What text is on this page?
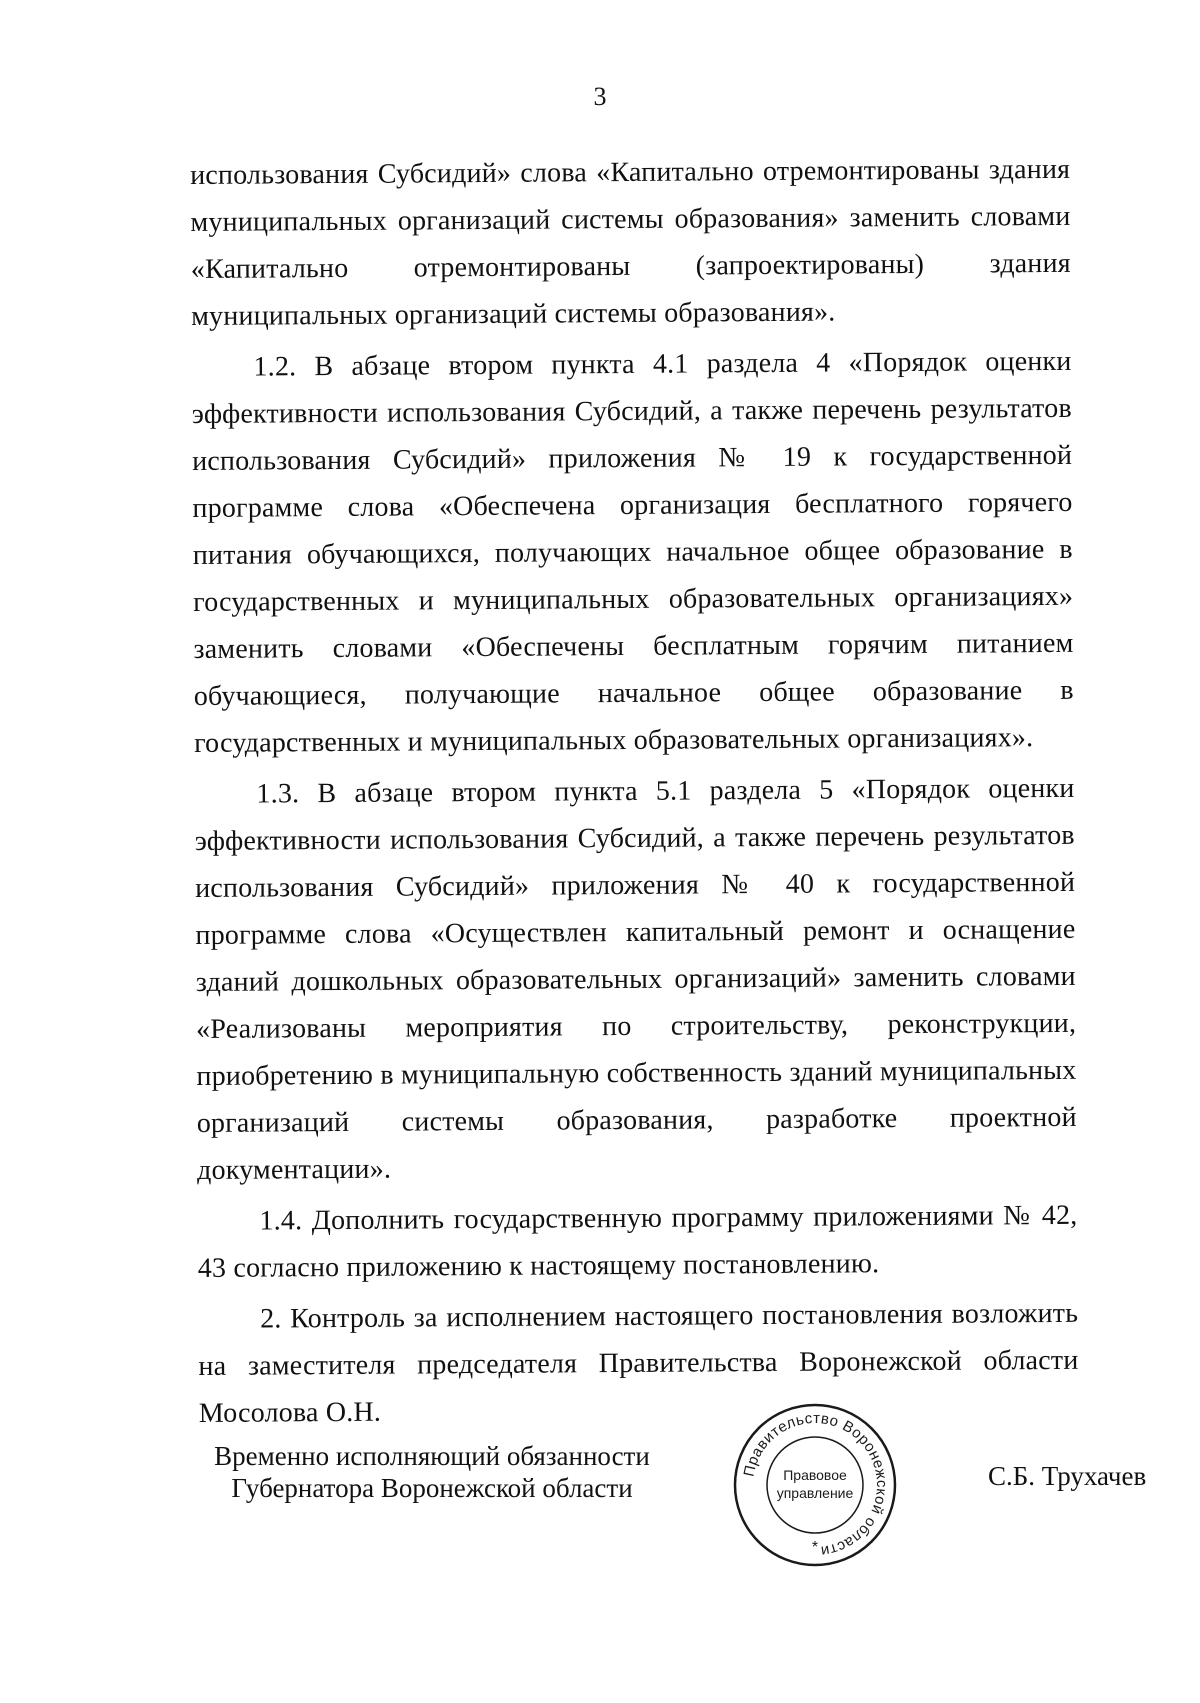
3

использования Субсидий» слова «Капитально отремонтированы здания муниципальных организаций системы образования» заменить словами «Капитально отремонтированы (запроектированы) здания муниципальных организаций системы образования».

1.2. В абзаце втором пункта 4.1 раздела 4 «Порядок оценки эффективности использования Субсидий, а также перечень результатов использования Субсидий» приложения № 19 к государственной программе слова «Обеспечена организация бесплатного горячего питания обучающихся, получающих начальное общее образование в государственных и муниципальных образовательных организациях» заменить словами «Обеспечены бесплатным горячим питанием обучающиеся, получающие начальное общее образование в государственных и муниципальных образовательных организациях».

1.3. В абзаце втором пункта 5.1 раздела 5 «Порядок оценки эффективности использования Субсидий, а также перечень результатов использования Субсидий» приложения № 40 к государственной программе слова «Осуществлен капитальный ремонт и оснащение зданий дошкольных образовательных организаций» заменить словами «Реализованы мероприятия по строительству, реконструкции, приобретению в муниципальную собственность зданий муниципальных организаций системы образования, разработке проектной документации».

1.4. Дополнить государственную программу приложениями № 42, 43 согласно приложению к настоящему постановлению.

2. Контроль за исполнением настоящего постановления возложить на заместителя председателя Правительства Воронежской области Мосолова О.Н.

Временно исполняющий обязанности
Губернатора Воронежской области
Правительство Воронежской области
Правовое
управление
*
С.Б. Трухачев
